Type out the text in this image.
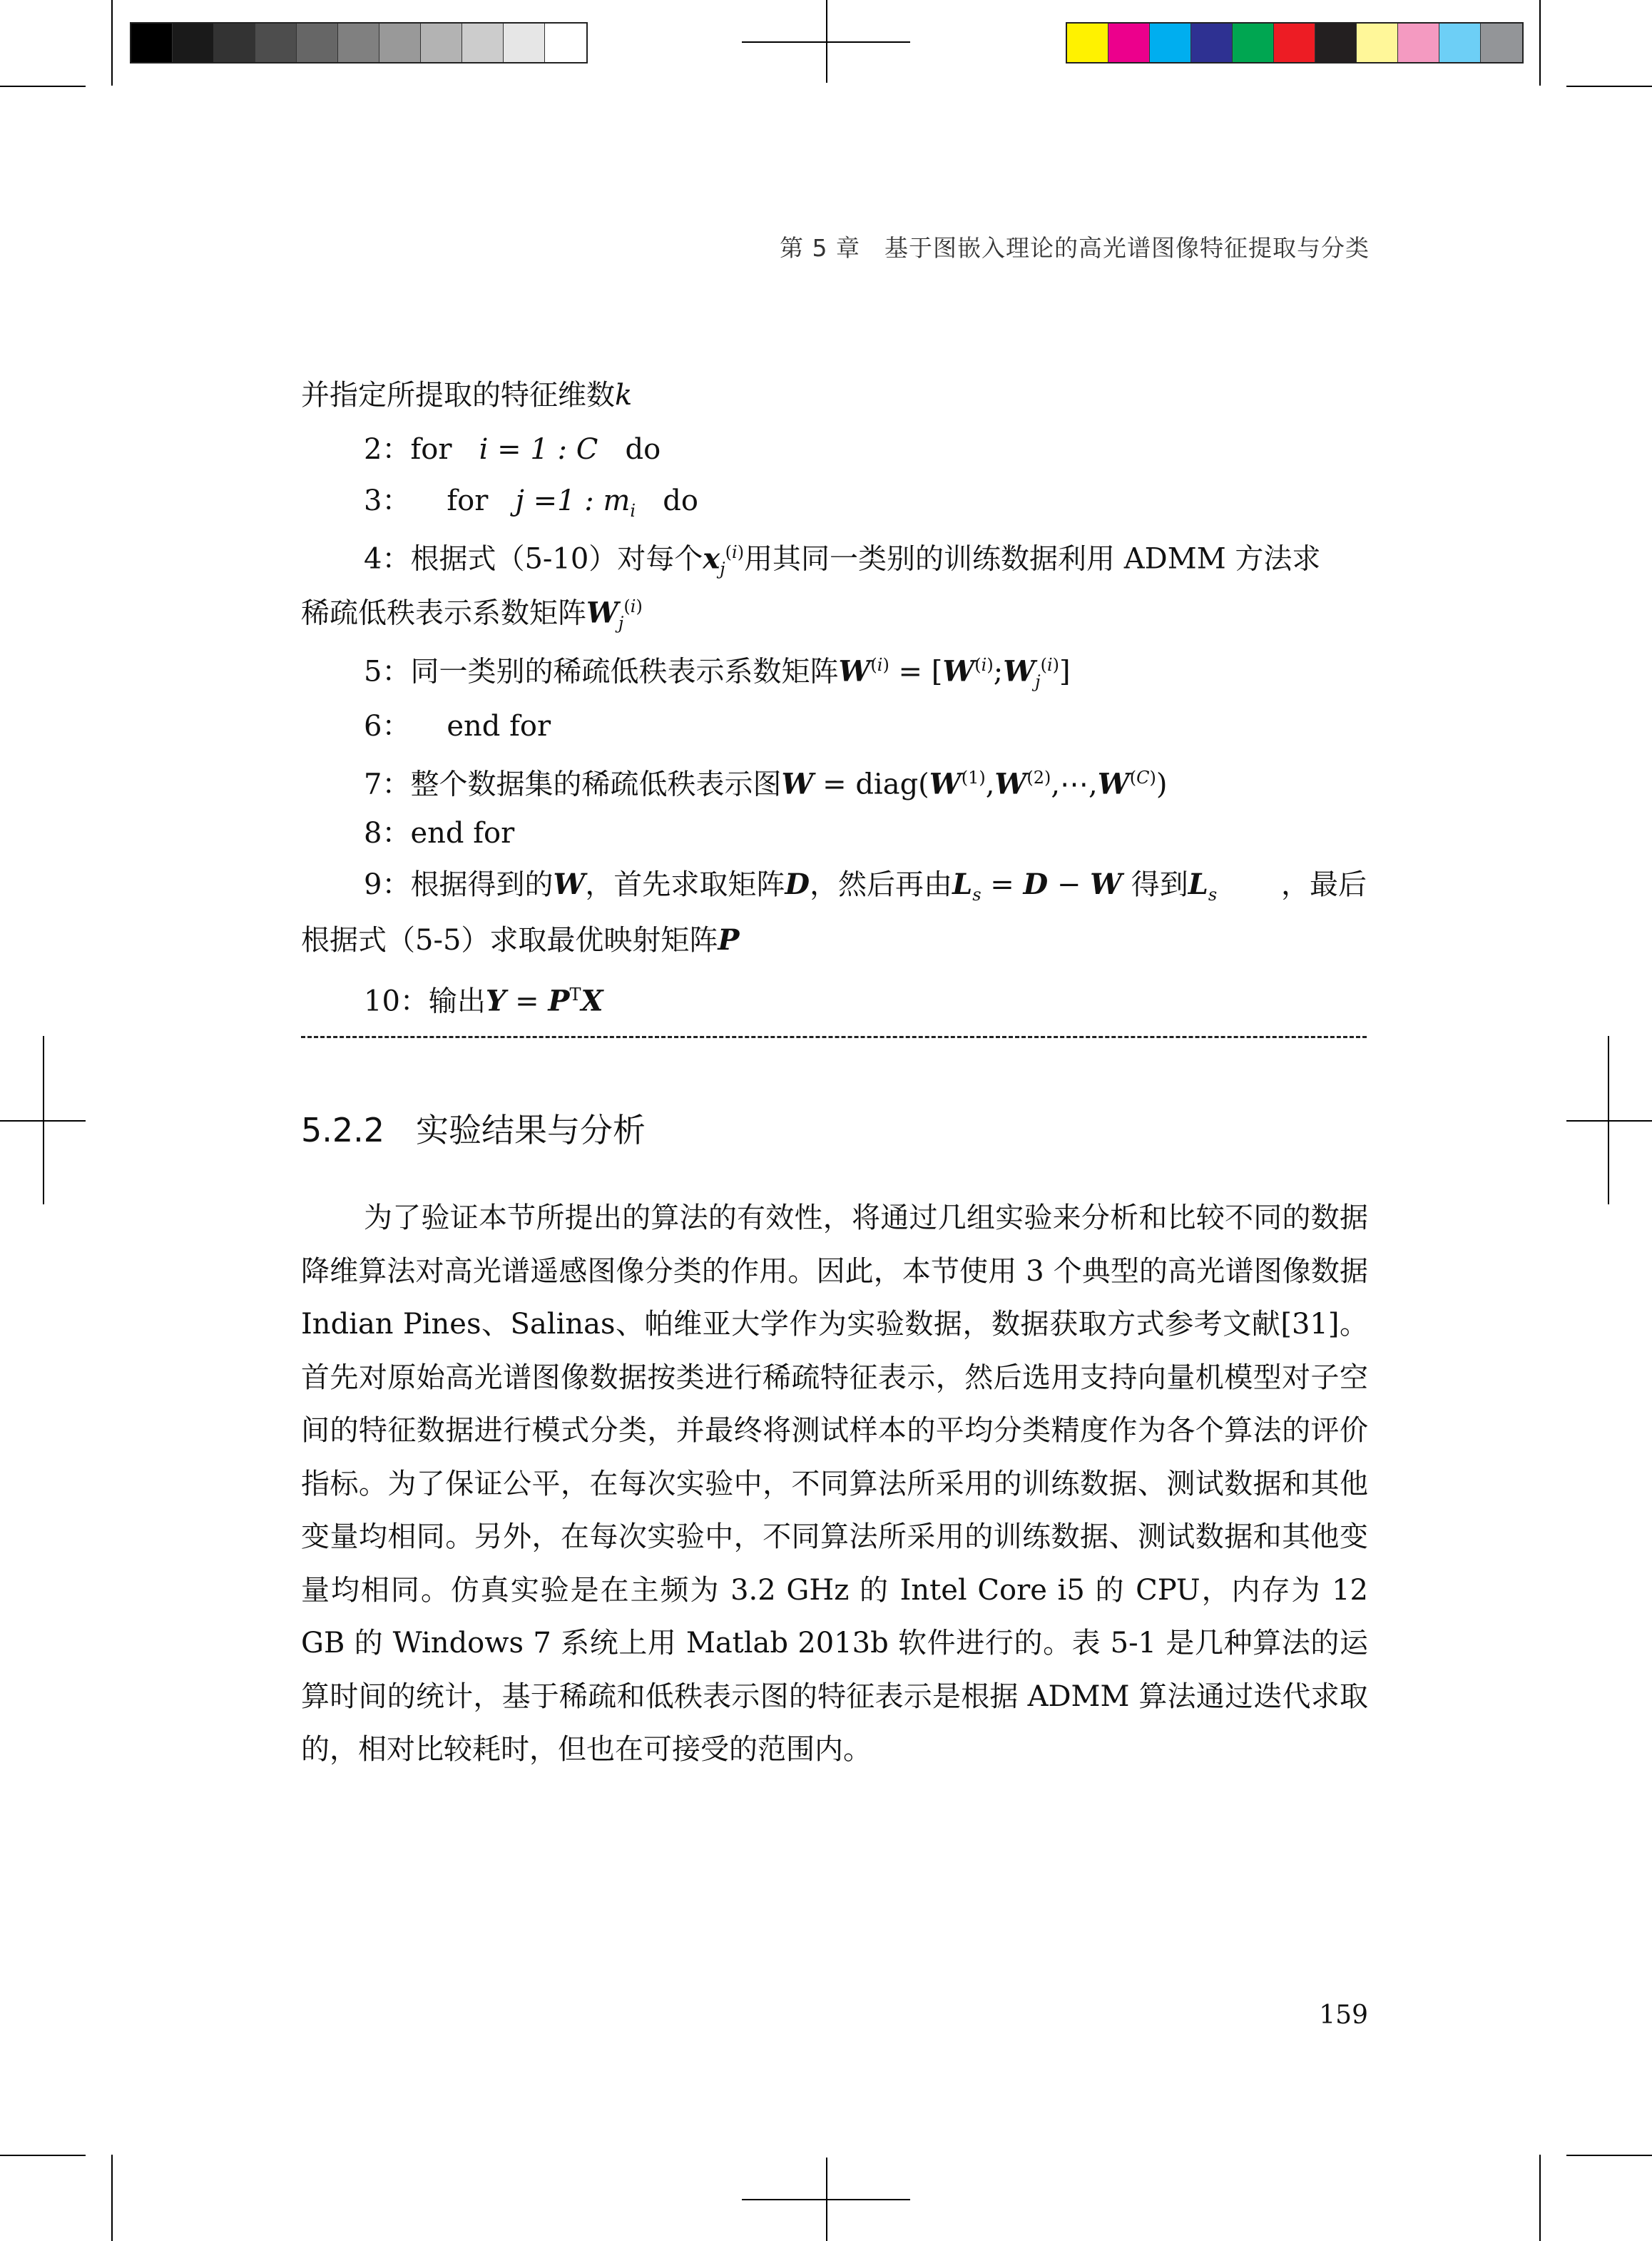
第 5 章　基于图嵌入理论的高光谱图像特征提取与分类
并指定所提取的特征维数k
2：for i = 1 : C do
3： for j =1 : $m_i$ do
4：根据式（5-10）对每个$x_j^{(i)}$用其同一类别的训练数据利用 ADMM 方法求
稀疏低秩表示系数矩阵$W_j^{(i)}$
5：同一类别的稀疏低秩表示系数矩阵$W^{(i)}$ = $[W^{(i)};W_j^{(i)}]$
6： end for
7：整个数据集的稀疏低秩表示图$W = diag(W^{(1)},W^{(2)},\cdots,W^{(C)})$
8：end for
9：根据得到的W，首先求取矩阵D，然后再由$L_s = D - W$ 得到$L_s$ ，最后
根据式（5-5）求取最优映射矩阵P
10：输出$Y = P^TX$
5.2.2 实验结果与分析
为了验证本节所提出的算法的有效性，将通过几组实验来分析和比较不同的数据降维算法对高光谱遥感图像分类的作用。因此，本节使用 3 个典型的高光谱图像数据 Indian Pines、Salinas、帕维亚大学作为实验数据，数据获取方式参考文献[31]。首先对原始高光谱图像数据按类进行稀疏特征表示，然后选用支持向量机模型对子空间的特征数据进行模式分类，并最终将测试样本的平均分类精度作为各个算法的评价指标。为了保证公平，在每次实验中，不同算法所采用的训练数据、测试数据和其他变量均相同。另外，在每次实验中，不同算法所采用的训练数据、测试数据和其他变量均相同。仿真实验是在主频为 3.2 GHz 的 Intel Core i5 的 CPU，内存为 12 GB 的 Windows 7 系统上用 Matlab 2013b 软件进行的。表 5-1 是几种算法的运算时间的统计，基于稀疏和低秩表示图的特征表示是根据 ADMM 算法通过迭代求取的，相对比较耗时，但也在可接受的范围内。
159
